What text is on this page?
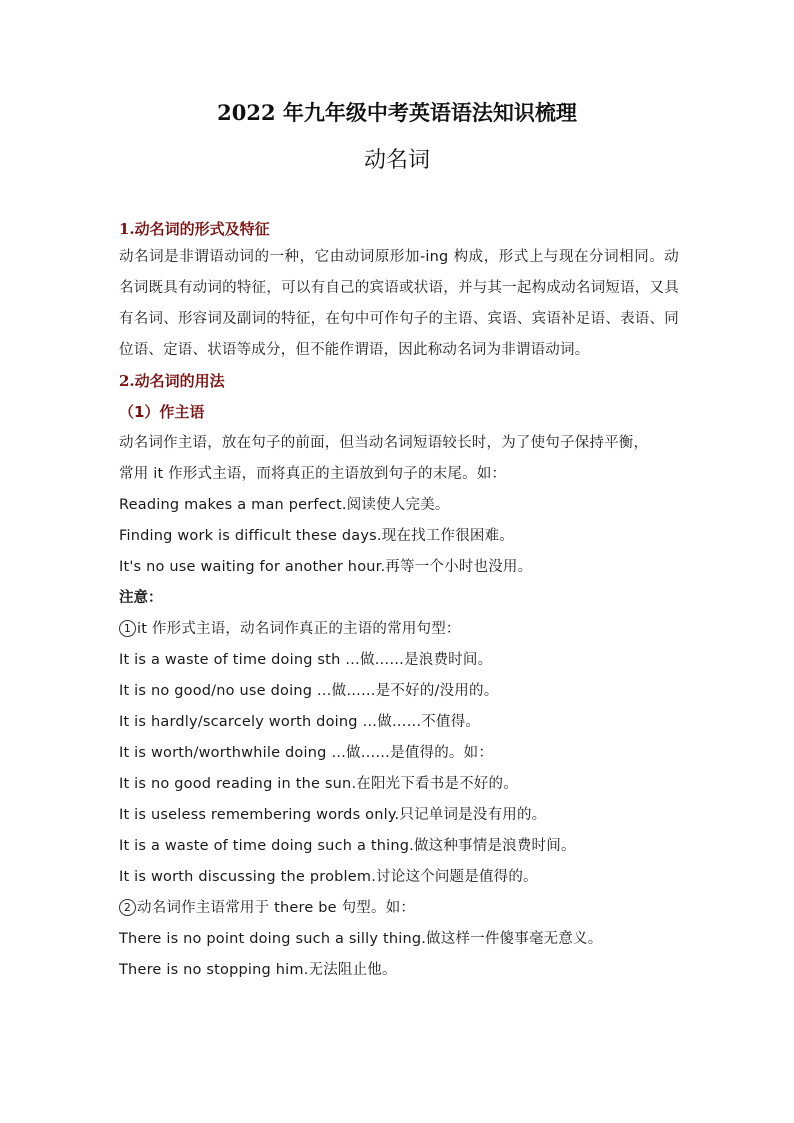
2022 年九年级中考英语语法知识梳理
动名词
1.动名词的形式及特征
动名词是非谓语动词的一种，它由动词原形加-ing 构成，形式上与现在分词相同。动名词既具有动词的特征，可以有自己的宾语或状语，并与其一起构成动名词短语，又具有名词、形容词及副词的特征，在句中可作句子的主语、宾语、宾语补足语、表语、同位语、定语、状语等成分，但不能作谓语，因此称动名词为非谓语动词。
2.动名词的用法
（1）作主语
动名词作主语，放在句子的前面，但当动名词短语较长时，为了使句子保持平衡，
常用 it 作形式主语，而将真正的主语放到句子的末尾。如：
Reading makes a man perfect.阅读使人完美。
Finding work is difficult these days.现在找工作很困难。
It's no use waiting for another hour.再等一个小时也没用。
注意：
1 it 作形式主语，动名词作真正的主语的常用句型：
It is a waste of time doing sth …做……是浪费时间。
It is no good/no use doing …做……是不好的/没用的。
It is hardly/scarcely worth doing …做……不值得。
It is worth/worthwhile doing …做……是值得的。如：
It is no good reading in the sun.在阳光下看书是不好的。
It is useless remembering words only.只记单词是没有用的。
It is a waste of time doing such a thing.做这种事情是浪费时间。
It is worth discussing the problem.讨论这个问题是值得的。
2 动名词作主语常用于 there be 句型。如：
There is no point doing such a silly thing.做这样一件傻事毫无意义。
There is no stopping him.无法阻止他。
